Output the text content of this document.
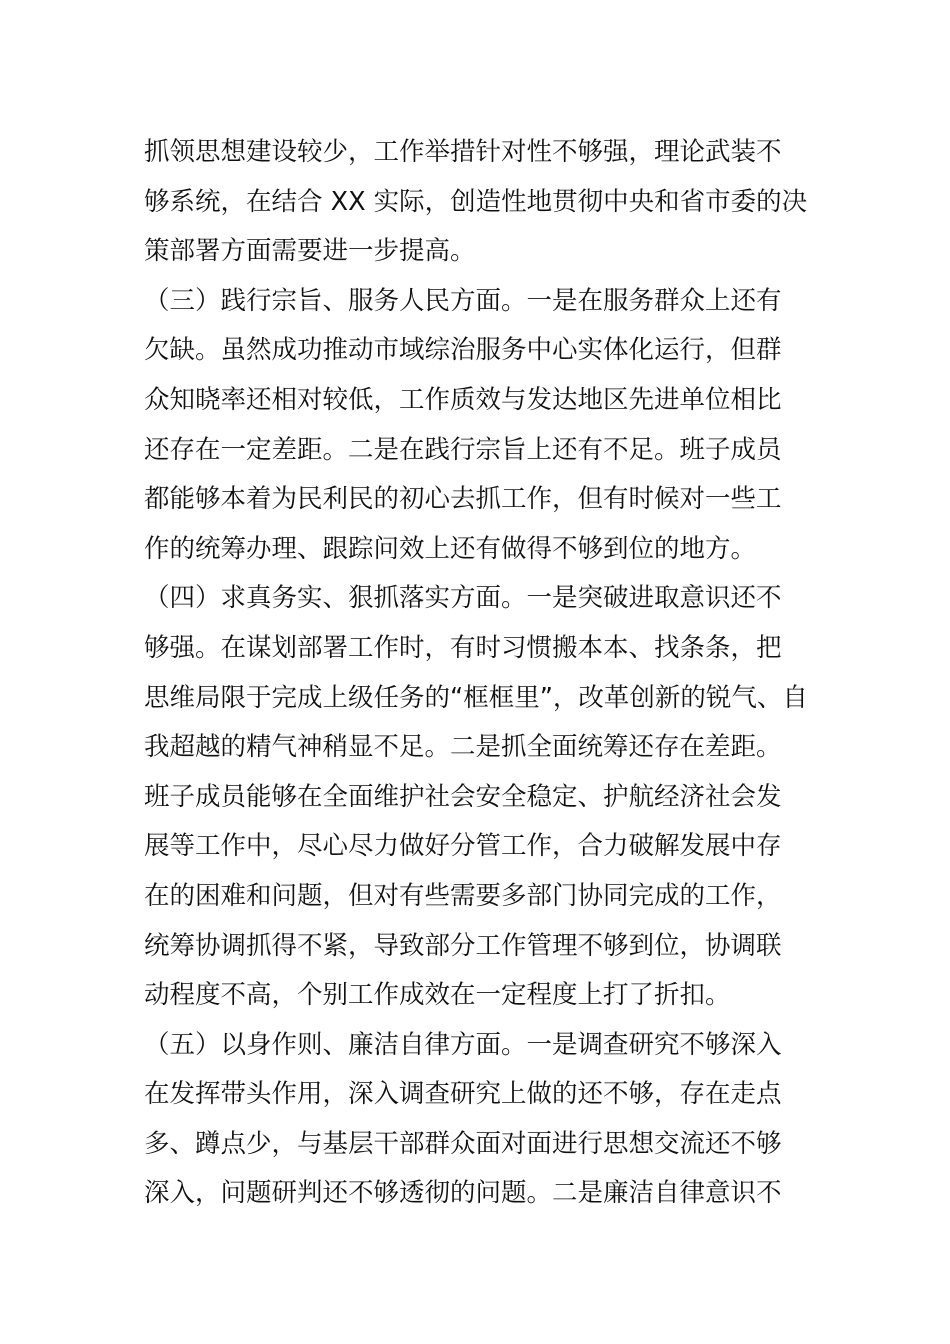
抓领思想建设较少，工作举措针对性不够强，理论武装不
够系统，在结合 XX 实际，创造性地贯彻中央和省市委的决
策部署方面需要进一步提高。
（三）践行宗旨、服务人民方面。一是在服务群众上还有
欠缺。虽然成功推动市域综治服务中心实体化运行，但群
众知晓率还相对较低，工作质效与发达地区先进单位相比
还存在一定差距。二是在践行宗旨上还有不足。班子成员
都能够本着为民利民的初心去抓工作，但有时候对一些工
作的统筹办理、跟踪问效上还有做得不够到位的地方。
（四）求真务实、狠抓落实方面。一是突破进取意识还不
够强。在谋划部署工作时，有时习惯搬本本、找条条，把
思维局限于完成上级任务的“框框里”，改革创新的锐气、自
我超越的精气神稍显不足。二是抓全面统筹还存在差距。
班子成员能够在全面维护社会安全稳定、护航经济社会发
展等工作中，尽心尽力做好分管工作，合力破解发展中存
在的困难和问题，但对有些需要多部门协同完成的工作，
统筹协调抓得不紧，导致部分工作管理不够到位，协调联
动程度不高，个别工作成效在一定程度上打了折扣。
（五）以身作则、廉洁自律方面。一是调查研究不够深入
在发挥带头作用，深入调查研究上做的还不够，存在走点
多、蹲点少，与基层干部群众面对面进行思想交流还不够
深入，问题研判还不够透彻的问题。二是廉洁自律意识不
